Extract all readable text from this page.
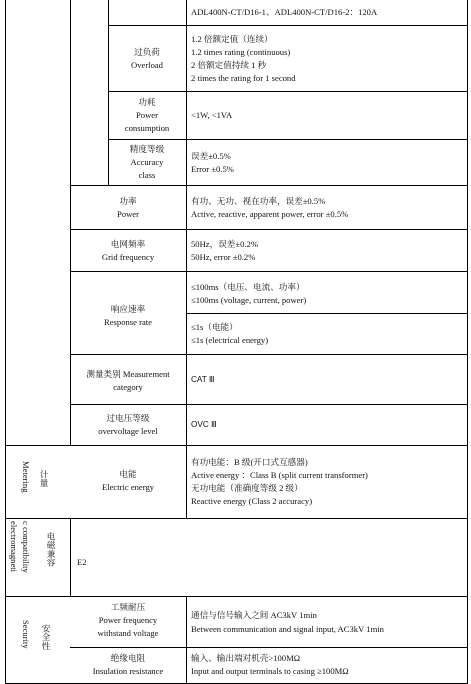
ADL400N-CT/D16-1、ADL400N-CT/D16-2：120A
过负荷
Overload
1.2 倍额定值（连续）
1.2 times rating (continuous)
2 倍额定值持续 1 秒
2 times the rating for 1 second
功耗
Power
consumption
<1W, <1VA
精度等级
Accuracy
class
误差±0.5%
Error ±0.5%
功率
Power
有功、无功、视在功率，误差±0.5%
Active, reactive, apparent power, error ±0.5%
电网频率
Grid frequency
50Hz，误差±0.2%
50Hz, error ±0.2%
响应速率
Response rate
≤100ms（电压、电流、功率）
≤100ms (voltage, current, power)
≤1s（电能）
≤1s (electrical energy)
测量类别 Measurement
category
CAT Ⅲ
过电压等级
overvoltage level
OVC Ⅲ
Metering 计量	电能
Electric energy
有功电能：B 级(开口式互感器)
Active energy ：Class B (split current transformer)
无功电能（准确度等级 2 级）
Reactive energy (Class 2 accuracy)
electromagneti c compatibility 电磁兼容 E2
Security 安全性
工频耐压
Power frequency
withstand voltage
通信与信号输入之间 AC3kV 1min
Between communication and signal input, AC3kV 1min
绝缘电阻
Insulation resistance
输入、输出端对机壳>100MΩ
Input and output terminals to casing ≥100MΩ
